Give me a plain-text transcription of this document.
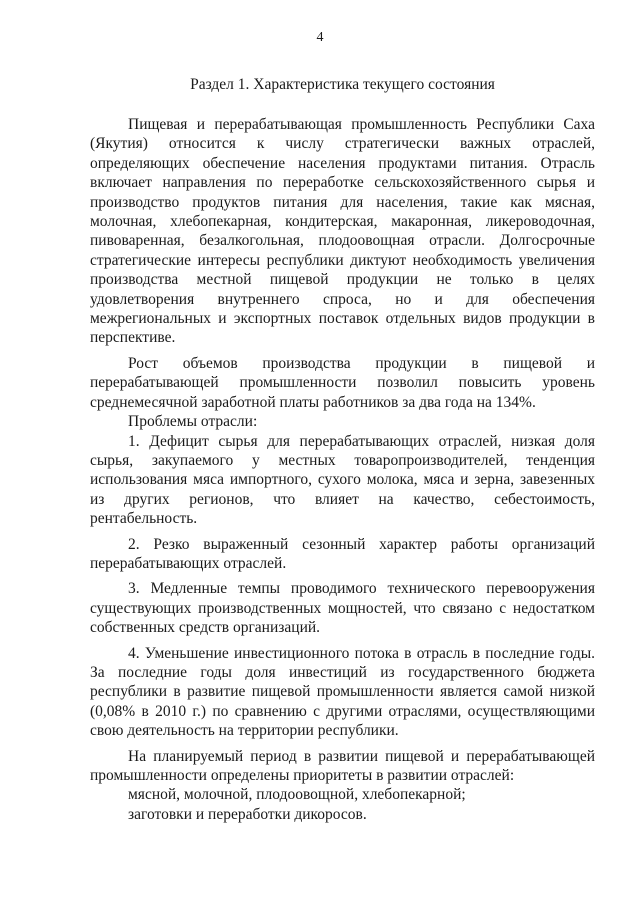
4
Раздел 1. Характеристика текущего состояния

Пищевая и перерабатывающая промышленность Республики Саха (Якутия) относится к числу стратегически важных отраслей, определяющих обеспечение населения продуктами питания. Отрасль включает направления по переработке сельскохозяйственного сырья и производство продуктов питания для населения, такие как мясная, молочная, хлебопекарная, кондитерская, макаронная, ликероводочная, пивоваренная, безалкогольная, плодоовощная отрасли. Долгосрочные стратегические интересы республики диктуют необходимость увеличения производства местной пищевой продукции не только в целях удовлетворения внутреннего спроса, но и для обеспечения межрегиональных и экспортных поставок отдельных видов продукции в перспективе.

Рост объемов производства продукции в пищевой и перерабатывающей промышленности позволил повысить уровень среднемесячной заработной платы работников за два года на 134%.

Проблемы отрасли:

1. Дефицит сырья для перерабатывающих отраслей, низкая доля сырья, закупаемого у местных товаропроизводителей, тенденция использования мяса импортного, сухого молока, мяса и зерна, завезенных из других регионов, что влияет на качество, себестоимость, рентабельность.

2. Резко выраженный сезонный характер работы организаций перерабатывающих отраслей.

3. Медленные темпы проводимого технического перевооружения существующих производственных мощностей, что связано с недостатком собственных средств организаций.

4. Уменьшение инвестиционного потока в отрасль в последние годы. За последние годы доля инвестиций из государственного бюджета республики в развитие пищевой промышленности является самой низкой (0,08% в 2010 г.) по сравнению с другими отраслями, осуществляющими свою деятельность на территории республики.

На планируемый период в развитии пищевой и перерабатывающей промышленности определены приоритеты в развитии отраслей:

мясной, молочной, плодоовощной, хлебопекарной;

заготовки и переработки дикоросов.
